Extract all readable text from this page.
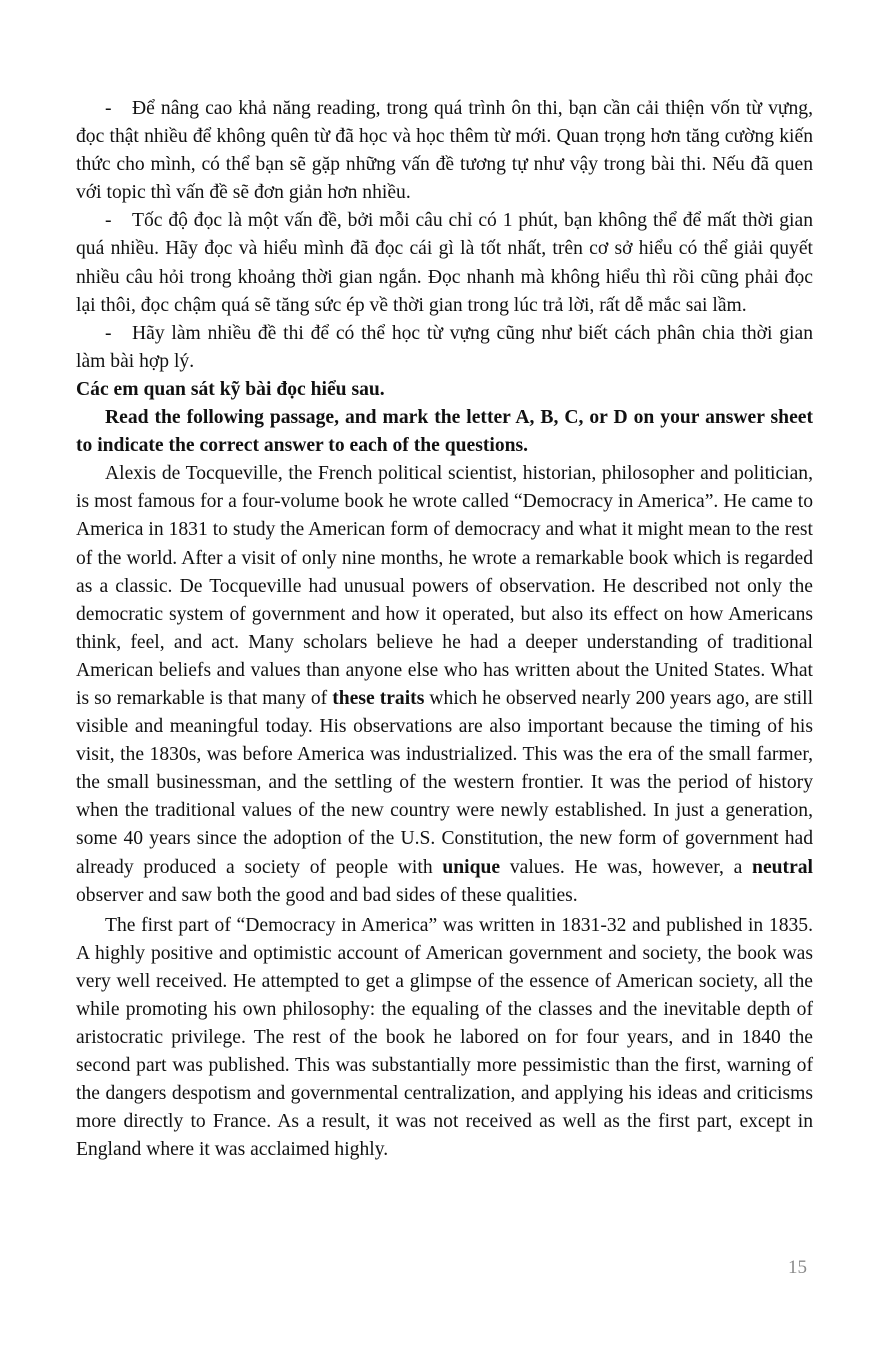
- Để nâng cao khả năng reading, trong quá trình ôn thi, bạn cần cải thiện vốn từ vựng, đọc thật nhiều để không quên từ đã học và học thêm từ mới. Quan trọng hơn tăng cường kiến thức cho mình, có thể bạn sẽ gặp những vấn đề tương tự như vậy trong bài thi. Nếu đã quen với topic thì vấn đề sẽ đơn giản hơn nhiều.

- Tốc độ đọc là một vấn đề, bởi mỗi câu chỉ có 1 phút, bạn không thể để mất thời gian quá nhiều. Hãy đọc và hiểu mình đã đọc cái gì là tốt nhất, trên cơ sở hiểu có thể giải quyết nhiều câu hỏi trong khoảng thời gian ngắn. Đọc nhanh mà không hiểu thì rồi cũng phải đọc lại thôi, đọc chậm quá sẽ tăng sức ép về thời gian trong lúc trả lời, rất dễ mắc sai lầm.

- Hãy làm nhiều đề thi để có thể học từ vựng cũng như biết cách phân chia thời gian làm bài hợp lý.

Các em quan sát kỹ bài đọc hiểu sau.

Read the following passage, and mark the letter A, B, C, or D on your answer sheet to indicate the correct answer to each of the questions.

Alexis de Tocqueville, the French political scientist, historian, philosopher and politician, is most famous for a four-volume book he wrote called “Democracy in America”. He came to America in 1831 to study the American form of democracy and what it might mean to the rest of the world. After a visit of only nine months, he wrote a remarkable book which is regarded as a classic. De Tocqueville had unusual powers of observation. He described not only the democratic system of government and how it operated, but also its effect on how Americans think, feel, and act. Many scholars believe he had a deeper understanding of traditional American beliefs and values than anyone else who has written about the United States. What is so remarkable is that many of these traits which he observed nearly 200 years ago, are still visible and meaningful today. His observations are also important because the timing of his visit, the 1830s, was before America was industrialized. This was the era of the small farmer, the small businessman, and the settling of the western frontier. It was the period of history when the traditional values of the new country were newly established. In just a generation, some 40 years since the adoption of the U.S. Constitution, the new form of government had already produced a society of people with unique values. He was, however, a neutral observer and saw both the good and bad sides of these qualities.

The first part of “Democracy in America” was written in 1831-32 and published in 1835. A highly positive and optimistic account of American government and society, the book was very well received. He attempted to get a glimpse of the essence of American society, all the while promoting his own philosophy: the equaling of the classes and the inevitable depth of aristocratic privilege. The rest of the book he labored on for four years, and in 1840 the second part was published. This was substantially more pessimistic than the first, warning of the dangers despotism and governmental centralization, and applying his ideas and criticisms more directly to France. As a result, it was not received as well as the first part, except in England where it was acclaimed highly.

15
